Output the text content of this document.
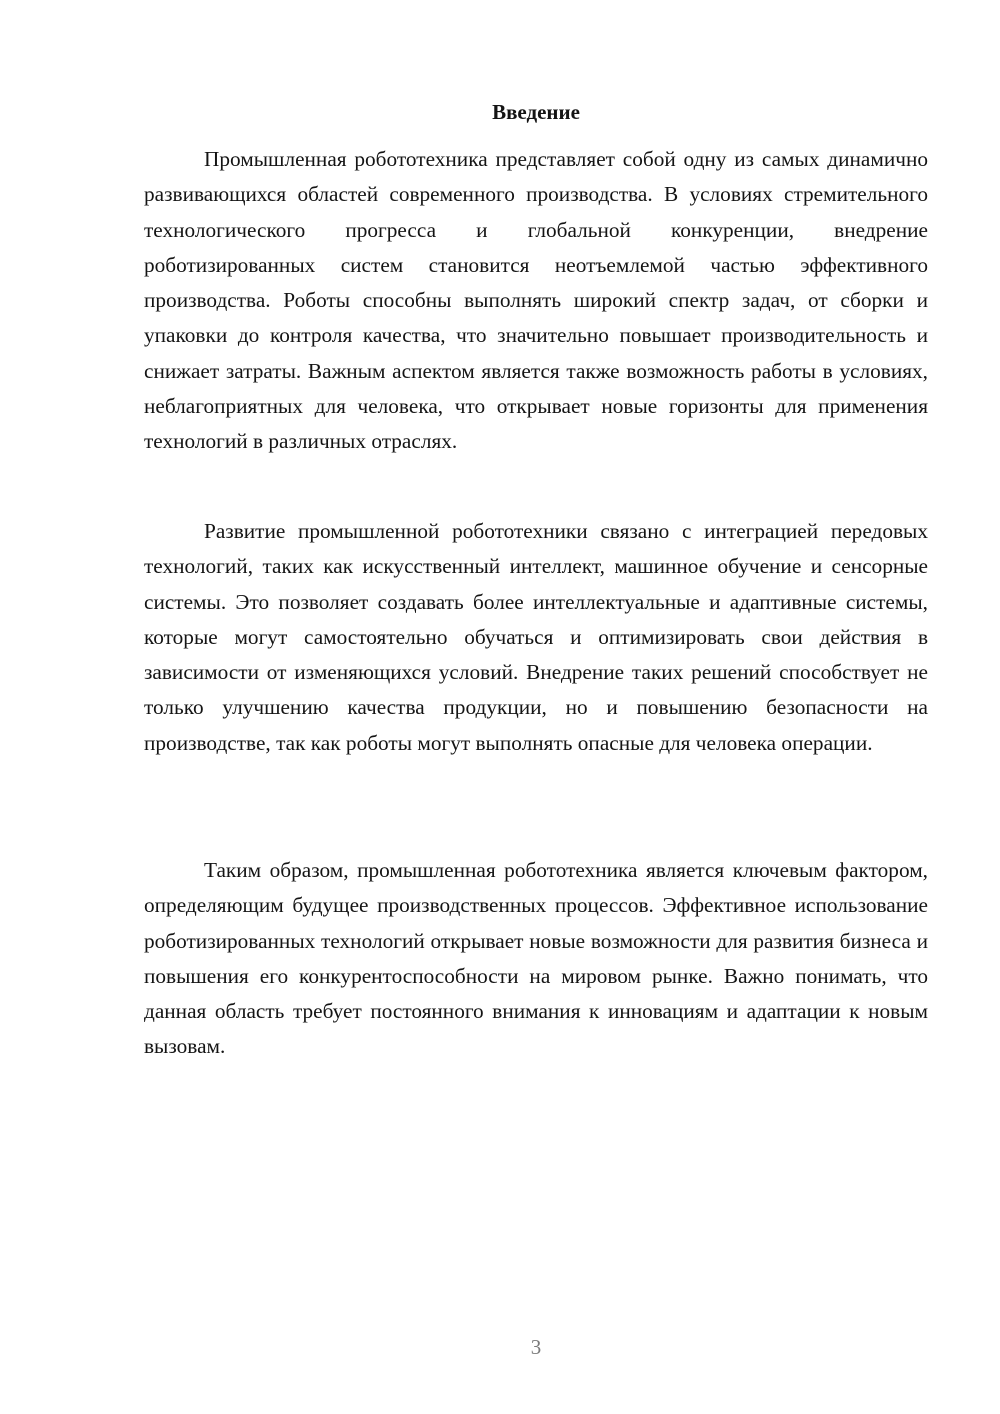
Введение

Промышленная робототехника представляет собой одну из самых динамично развивающихся областей современного производства. В условиях стремительного технологического прогресса и глобальной конкуренции, внедрение роботизированных систем становится неотъемлемой частью эффективного производства. Роботы способны выполнять широкий спектр задач, от сборки и упаковки до контроля качества, что значительно повышает производительность и снижает затраты. Важным аспектом является также возможность работы в условиях, неблагоприятных для человека, что открывает новые горизонты для применения технологий в различных отраслях.

Развитие промышленной робототехники связано с интеграцией передовых технологий, таких как искусственный интеллект, машинное обучение и сенсорные системы. Это позволяет создавать более интеллектуальные и адаптивные системы, которые могут самостоятельно обучаться и оптимизировать свои действия в зависимости от изменяющихся условий. Внедрение таких решений способствует не только улучшению качества продукции, но и повышению безопасности на производстве, так как роботы могут выполнять опасные для человека операции.

Таким образом, промышленная робототехника является ключевым фактором, определяющим будущее производственных процессов. Эффективное использование роботизированных технологий открывает новые возможности для развития бизнеса и повышения его конкурентоспособности на мировом рынке. Важно понимать, что данная область требует постоянного внимания к инновациям и адаптации к новым вызовам.

3
